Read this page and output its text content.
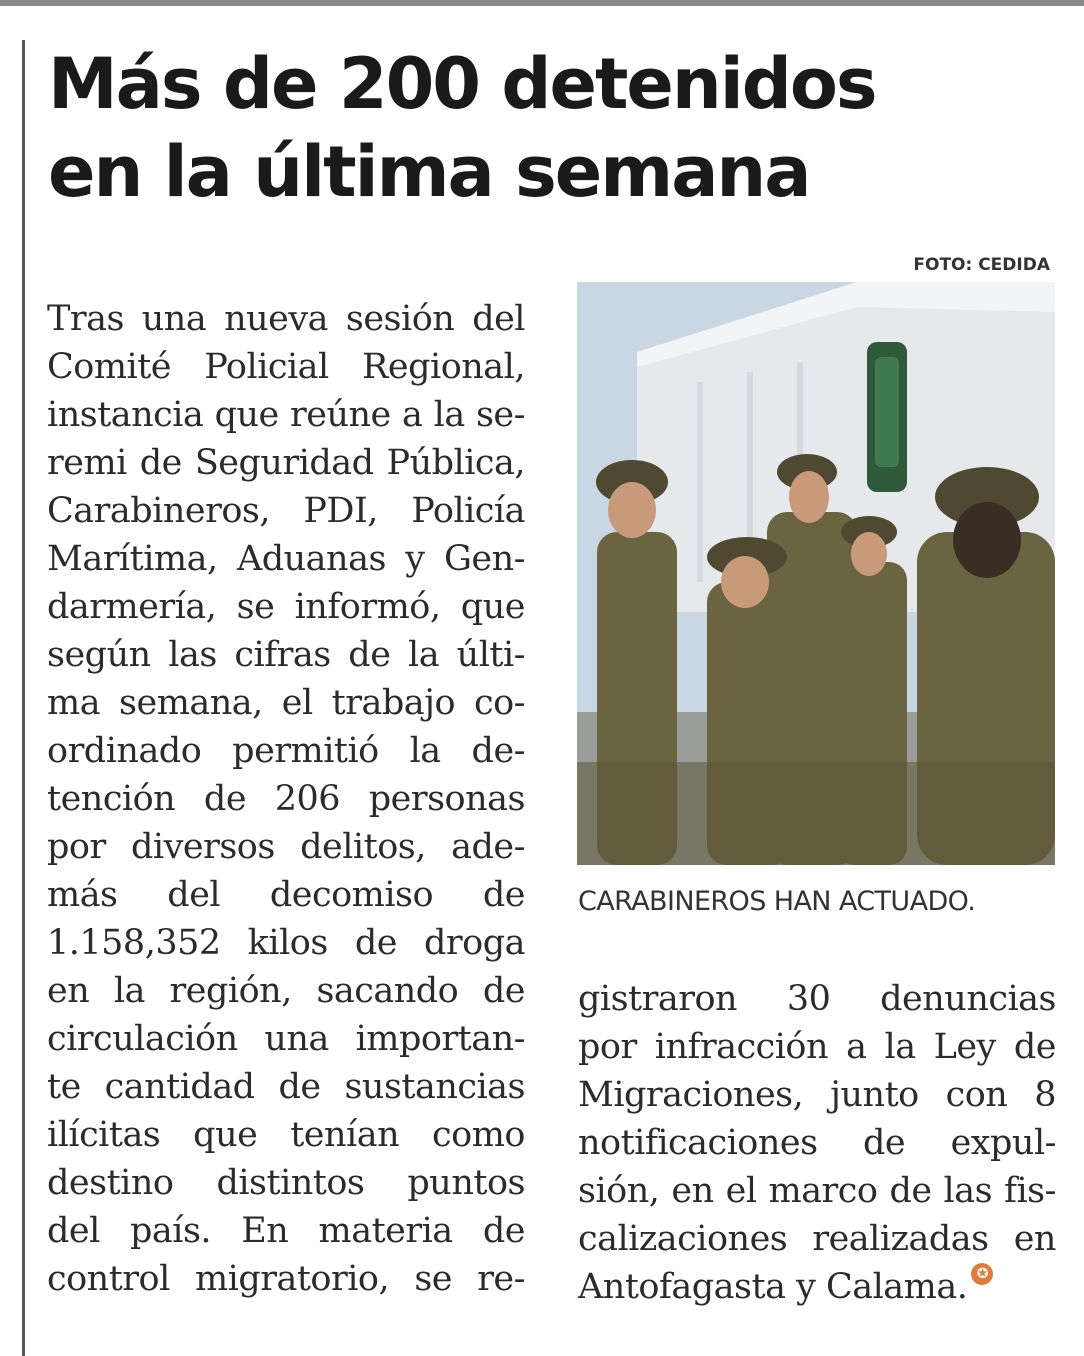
Más de 200 detenidos
en la última semana
FOTO: CEDIDA
Tras una nueva sesión del
Comité Policial Regional,
instancia que reúne a la se-
remi de Seguridad Pública,
Carabineros, PDI, Policía
Marítima, Aduanas y Gen-
darmería, se informó, que
según las cifras de la últi-
ma semana, el trabajo co-
ordinado permitió la de-
tención de 206 personas
por diversos delitos, ade-
más del decomiso de
1.158,352 kilos de droga
en la región, sacando de
circulación una importan-
te cantidad de sustancias
ilícitas que tenían como
destino distintos puntos
del país. En materia de
control migratorio, se re-
CARABINEROS HAN ACTUADO.
gistraron 30 denuncias
por infracción a la Ley de
Migraciones, junto con 8
notificaciones de expul-
sión, en el marco de las fis-
calizaciones realizadas en
Antofagasta y Calama. ✪
